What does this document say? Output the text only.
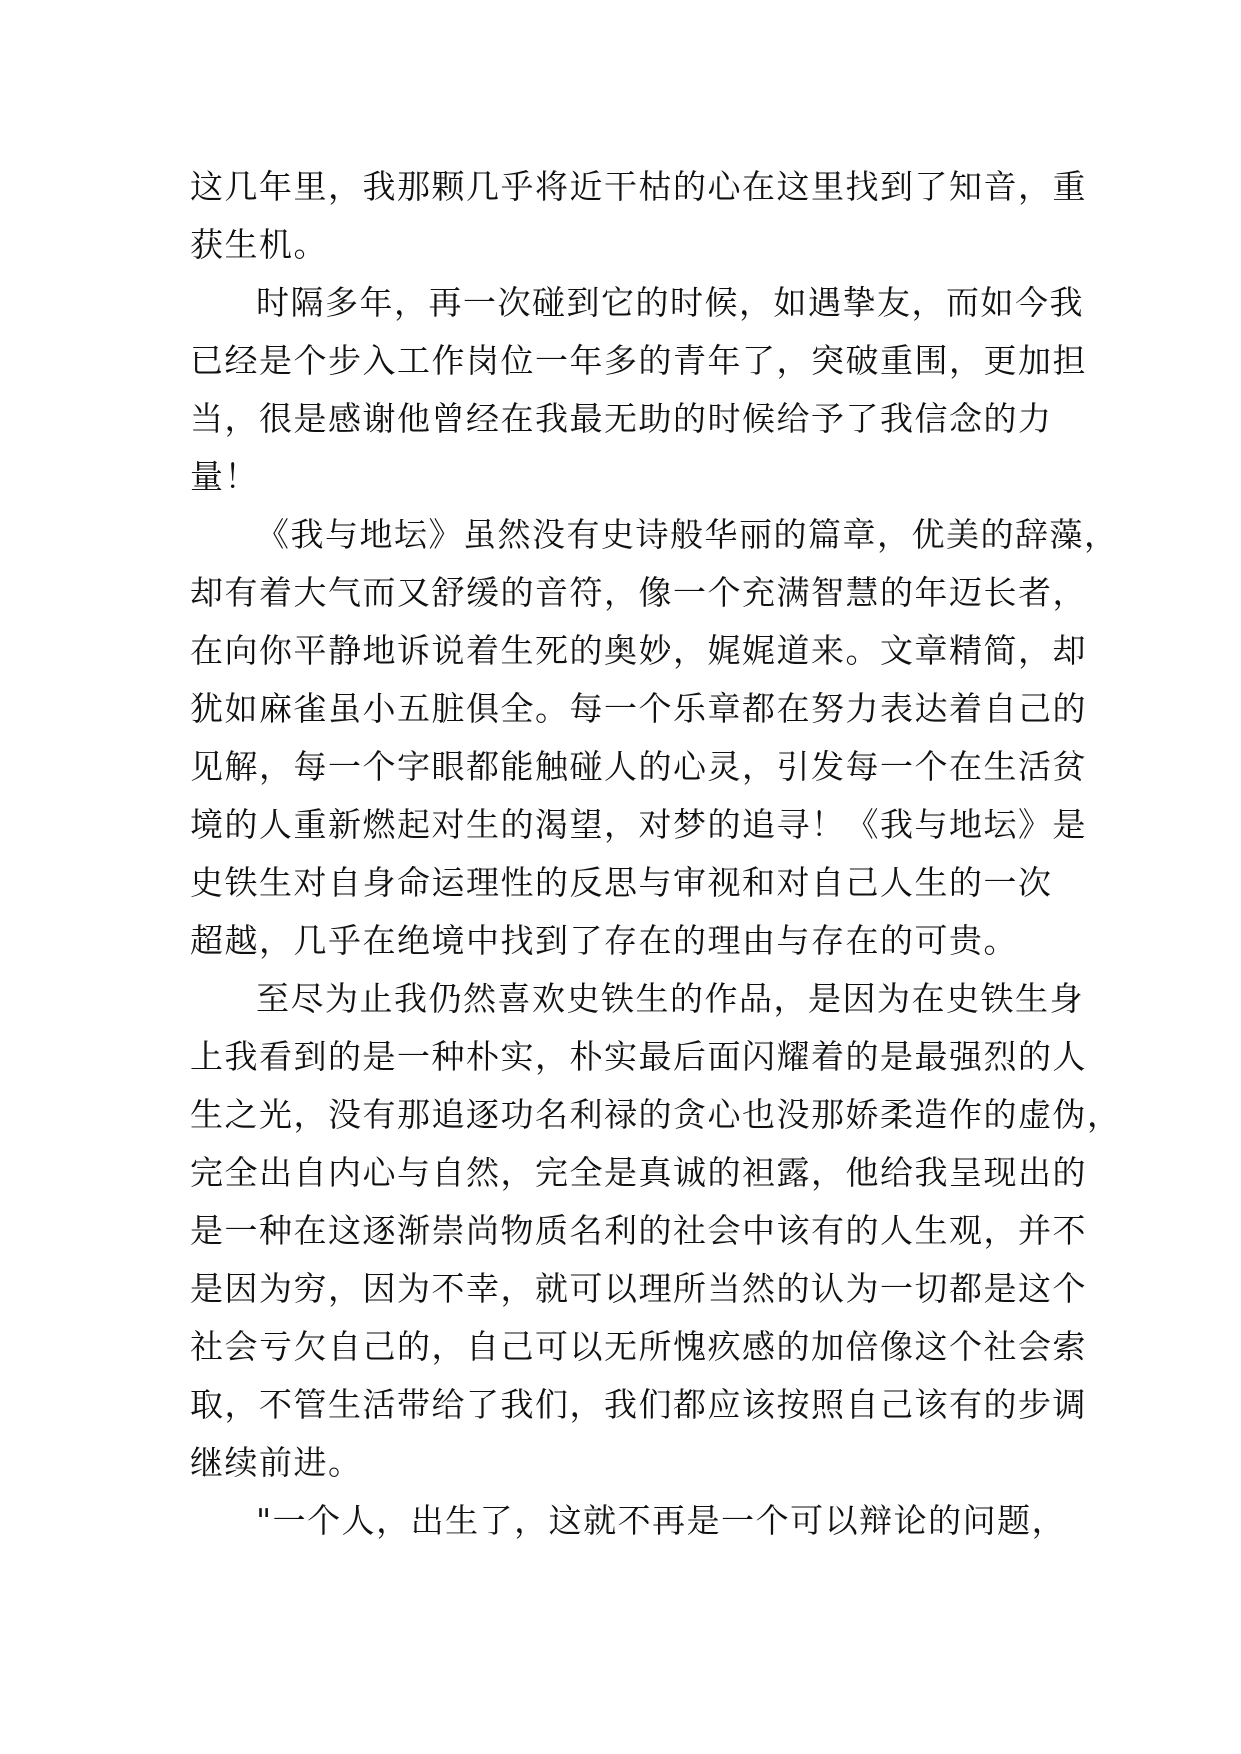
这几年里，我那颗几乎将近干枯的心在这里找到了知音，重
获生机。
时隔多年，再一次碰到它的时候，如遇挚友，而如今我
已经是个步入工作岗位一年多的青年了，突破重围，更加担
当，很是感谢他曾经在我最无助的时候给予了我信念的力
量！
《我与地坛》虽然没有史诗般华丽的篇章，优美的辞藻，
却有着大气而又舒缓的音符，像一个充满智慧的年迈长者，
在向你平静地诉说着生死的奥妙，娓娓道来。文章精简，却
犹如麻雀虽小五脏俱全。每一个乐章都在努力表达着自己的
见解，每一个字眼都能触碰人的心灵，引发每一个在生活贫
境的人重新燃起对生的渴望，对梦的追寻！《我与地坛》是
史铁生对自身命运理性的反思与审视和对自己人生的一次
超越，几乎在绝境中找到了存在的理由与存在的可贵。
至尽为止我仍然喜欢史铁生的作品，是因为在史铁生身
上我看到的是一种朴实，朴实最后面闪耀着的是最强烈的人
生之光，没有那追逐功名利禄的贪心也没那娇柔造作的虚伪，
完全出自内心与自然，完全是真诚的袒露，他给我呈现出的
是一种在这逐渐崇尚物质名利的社会中该有的人生观，并不
是因为穷，因为不幸，就可以理所当然的认为一切都是这个
社会亏欠自己的，自己可以无所愧疚感的加倍像这个社会索
取，不管生活带给了我们，我们都应该按照自己该有的步调
继续前进。
"一个人，出生了，这就不再是一个可以辩论的问题，
